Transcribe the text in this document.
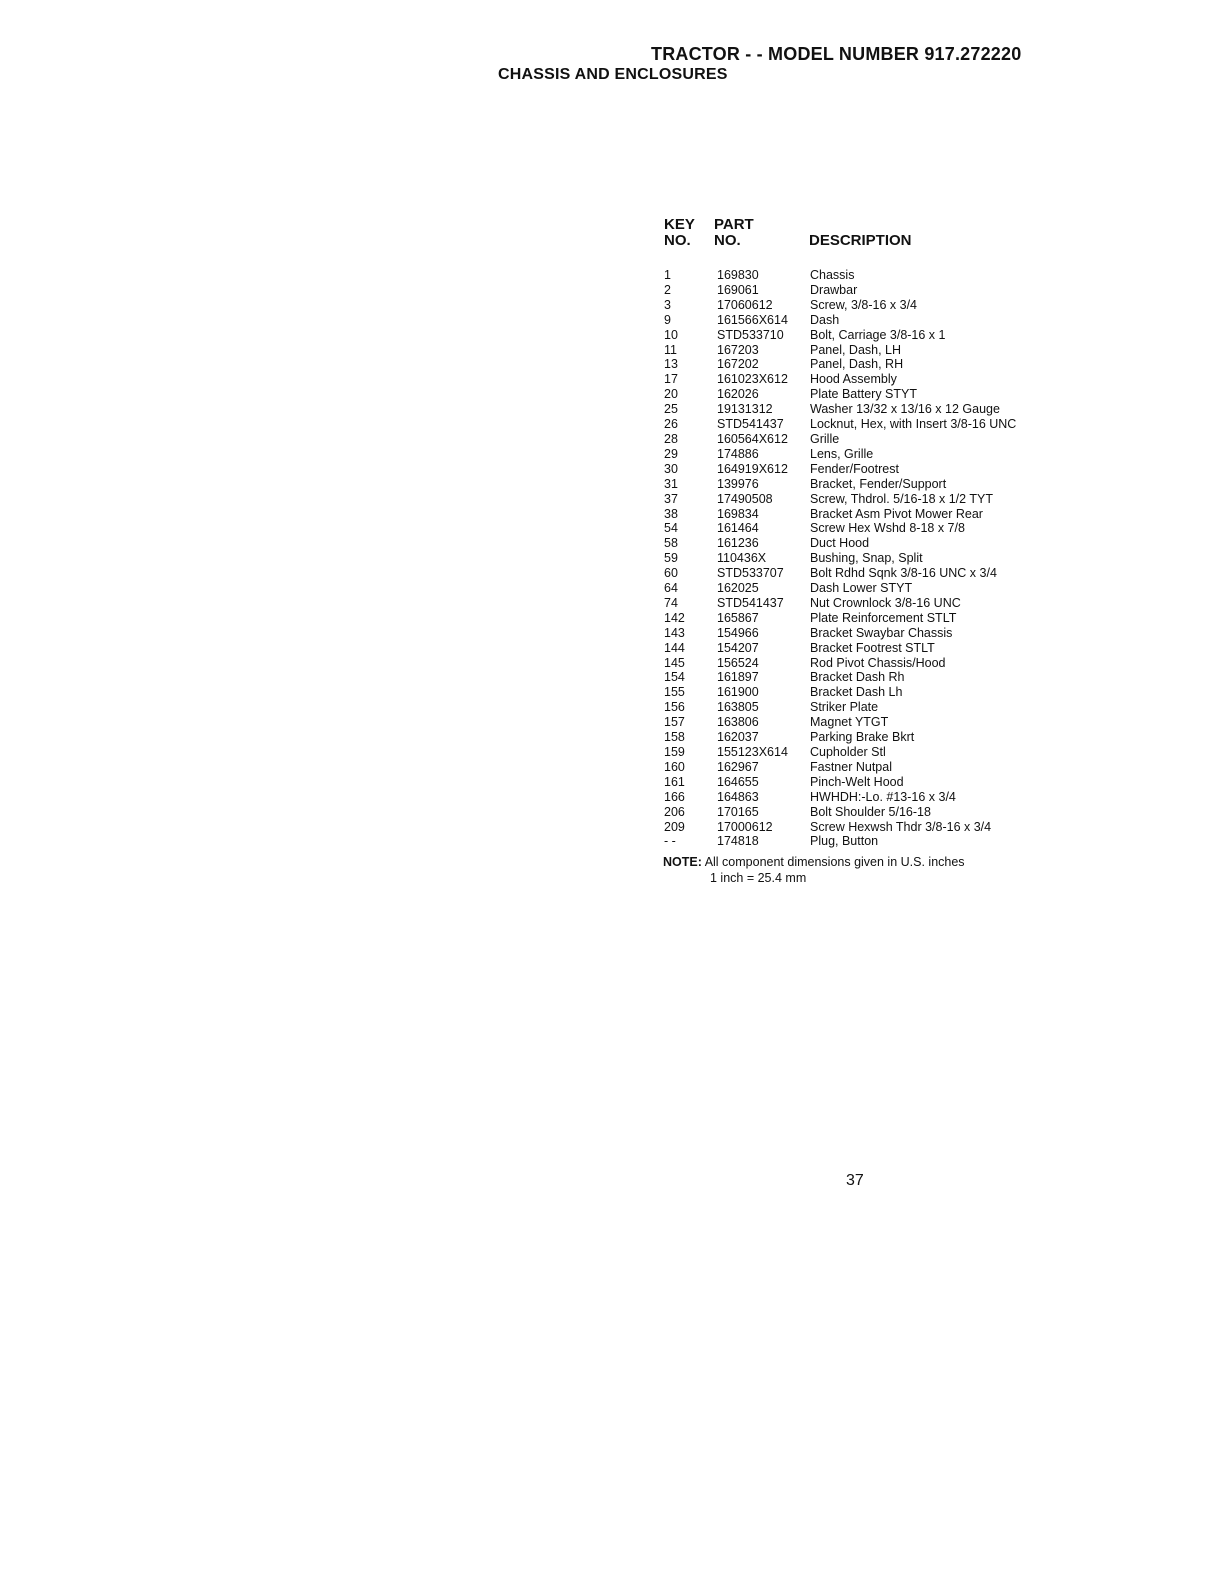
TRACTOR - - MODEL NUMBER 917.272220
CHASSIS AND ENCLOSURES
KEY
NO.
PART
NO.	DESCRIPTION
1	169830	Chassis
2	169061	Drawbar
3	17060612	Screw, 3/8-16 x 3/4
9	161566X614	Dash
10	STD533710	Bolt, Carriage 3/8-16 x 1
11	167203	Panel, Dash, LH
13	167202	Panel, Dash, RH
17	161023X612	Hood Assembly
20	162026	Plate Battery STYT
25	19131312	Washer 13/32 x 13/16 x 12 Gauge
26	STD541437	Locknut, Hex, with Insert 3/8-16 UNC
28	160564X612	Grille
29	174886	Lens, Grille
30	164919X612	Fender/Footrest
31	139976	Bracket, Fender/Support
37	17490508	Screw, Thdrol. 5/16-18 x 1/2 TYT
38	169834	Bracket Asm Pivot Mower Rear
54	161464	Screw Hex Wshd 8-18 x 7/8
58	161236	Duct Hood
59	110436X	Bushing, Snap, Split
60	STD533707	Bolt Rdhd Sqnk 3/8-16 UNC x 3/4
64	162025	Dash Lower STYT
74	STD541437	Nut Crownlock 3/8-16 UNC
142	165867	Plate Reinforcement STLT
143	154966	Bracket Swaybar Chassis
144	154207	Bracket Footrest STLT
145	156524	Rod Pivot Chassis/Hood
154	161897	Bracket Dash Rh
155	161900	Bracket Dash Lh
156	163805	Striker Plate
157	163806	Magnet YTGT
158	162037	Parking Brake Bkrt
159	155123X614	Cupholder Stl
160	162967	Fastner Nutpal
161	164655	Pinch-Welt Hood
166	164863	HWHDH:-Lo. #13-16 x 3/4
206	170165	Bolt Shoulder 5/16-18
209	17000612	Screw Hexwsh Thdr 3/8-16 x 3/4
- -	174818	Plug, Button
NOTE: All component dimensions given in U.S. inches
1 inch = 25.4 mm
37
